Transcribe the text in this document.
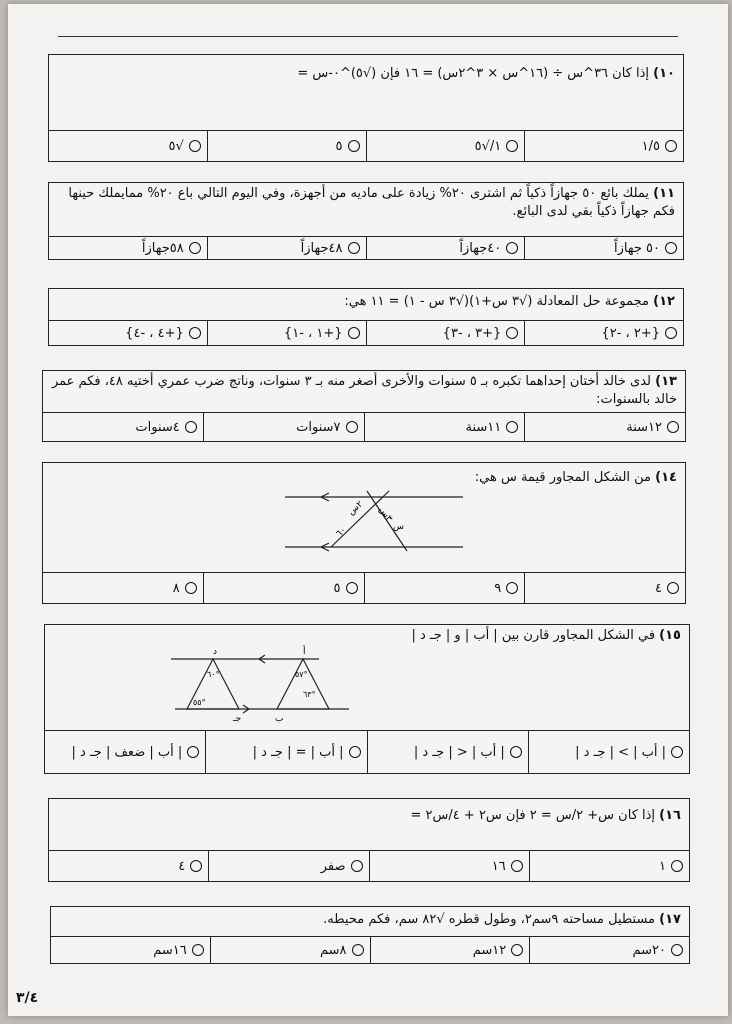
١٠) إذا كان ٣٦^س ÷ (١٦^س × ٣^٢س) = ١٦ فإن (√٥)^٠-س =
١/٥
١/√٥
٥
√٥
١١) يملك بائع ٥٠ جهازاً ذكياً ثم اشترى ٢٠% زيادة على ماديه من أجهزة، وفي اليوم التالي باع ٢٠% ممايملك حينها فكم جهازاً ذكياً بقي لدى البائع.
٥٠ جهازاً
٤٠جهازاً
٤٨جهازاً
٥٨جهازاً
١٢) مجموعة حل المعادلة (√٣ س+١)(√٣ س - ١) = ١١ هي:
{+٢ ، -٢}
{+٣ ، -٣}
{+١ ، -١}
{+٤ ، -٤}
١٣) لدى خالد أختان إحداهما تكبره بـ ٥ سنوات والأخرى أصغر منه بـ ٣ سنوات، وناتج ضرب عمري أختيه ٤٨، فكم عمر خالد بالسنوات:
١٢سنة
١١سنة
٧سنوات
٤سنوات
١٤) من الشكل المجاور قيمة س هي:
٢س
٣س
٦٠	س
٤
٩
٥
٨
١٥) في الشكل المجاور قارن بين | أب | و | جـ د |
د	أ
٦٠°	٥٧°
٥٥°
٦٣°
جـ	ب
| أب | > | جـ د |
| أب | < | جـ د |
| أب | = | جـ د |
| أب | ضعف | جـ د |
١٦) إذا كان س+ ٢/س = ٢ فإن س٢ + ٤/س٢ =
١
١٦
صفر
٤
١٧) مستطيل مساحته ٩سم٢، وطول قطره √٨٢ سم، فكم محيطه.
٢٠سم
١٢سم
٨سم
١٦سم
٣/٤
